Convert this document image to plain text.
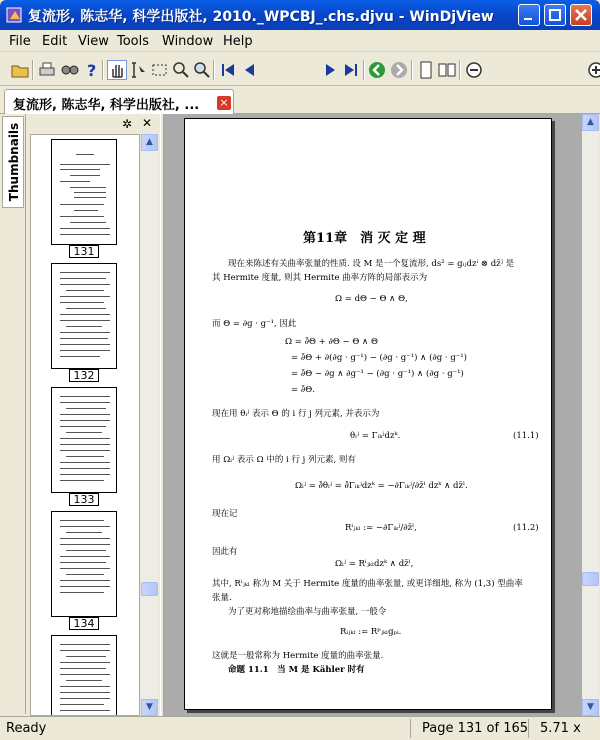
复流形, 陈志华, 科学出版社, 2010._WPCBJ_.chs.djvu - WinDjView
File Edit View Tools Window Help
?
复流形, 陈志华, 科学出版社, ... ×
Thumbnails	✲ ✕
131
132
133
134
▲
▼
第11章　消 灭 定 理
现在来陈述有关曲率张量的性质. 设 M 是一个复流形, ds² = gᵢⱼdzⁱ ⊗ dz̄ʲ 是
其 Hermite 度量, 则其 Hermite 曲率方阵的局部表示为
Ω = dΘ − Θ ∧ Θ,
而 Θ = ∂g · g⁻¹, 因此
Ω = ∂̄Θ + ∂Θ − Θ ∧ Θ
= ∂̄Θ + ∂(∂g · g⁻¹) − (∂g · g⁻¹) ∧ (∂g · g⁻¹)
= ∂̄Θ − ∂g ∧ ∂g⁻¹ − (∂g · g⁻¹) ∧ (∂g · g⁻¹)
= ∂̄Θ.
现在用 θᵢʲ 表示 Θ 的 i 行 j 列元素, 并表示为
θᵢʲ = Γᵢₖʲdzᵏ.	(11.1)
用 Ωᵢʲ 表示 Ω 中的 i 行 j 列元素, 则有
Ωᵢʲ = ∂̄θᵢʲ = ∂̄Γᵢₖʲdzᵏ = −∂Γᵢₖʲ/∂z̄ˡ dzᵏ ∧ dz̄ˡ.
现在记
Rⁱⱼₖₗ := −∂Γᵢₖʲ/∂z̄ˡ,	(11.2)
因此有
Ωᵢʲ = Rⁱⱼₖₗdzᵏ ∧ dz̄ˡ,
其中, Rⁱⱼₖₗ 称为 M 关于 Hermite 度量的曲率张量, 或更详细地, 称为 (1,3) 型曲率
张量.
为了更对称地描绘曲率与曲率张量, 一般令
Rᵢⱼₖₗ := Rᵖⱼₖₗgₚᵢ.
这就是一般常称为 Hermite 度量的曲率张量.
命题 11.1　当 M 是 Kähler 时有
▲
▼
Ready	Page 131 of 165 5.71 x
